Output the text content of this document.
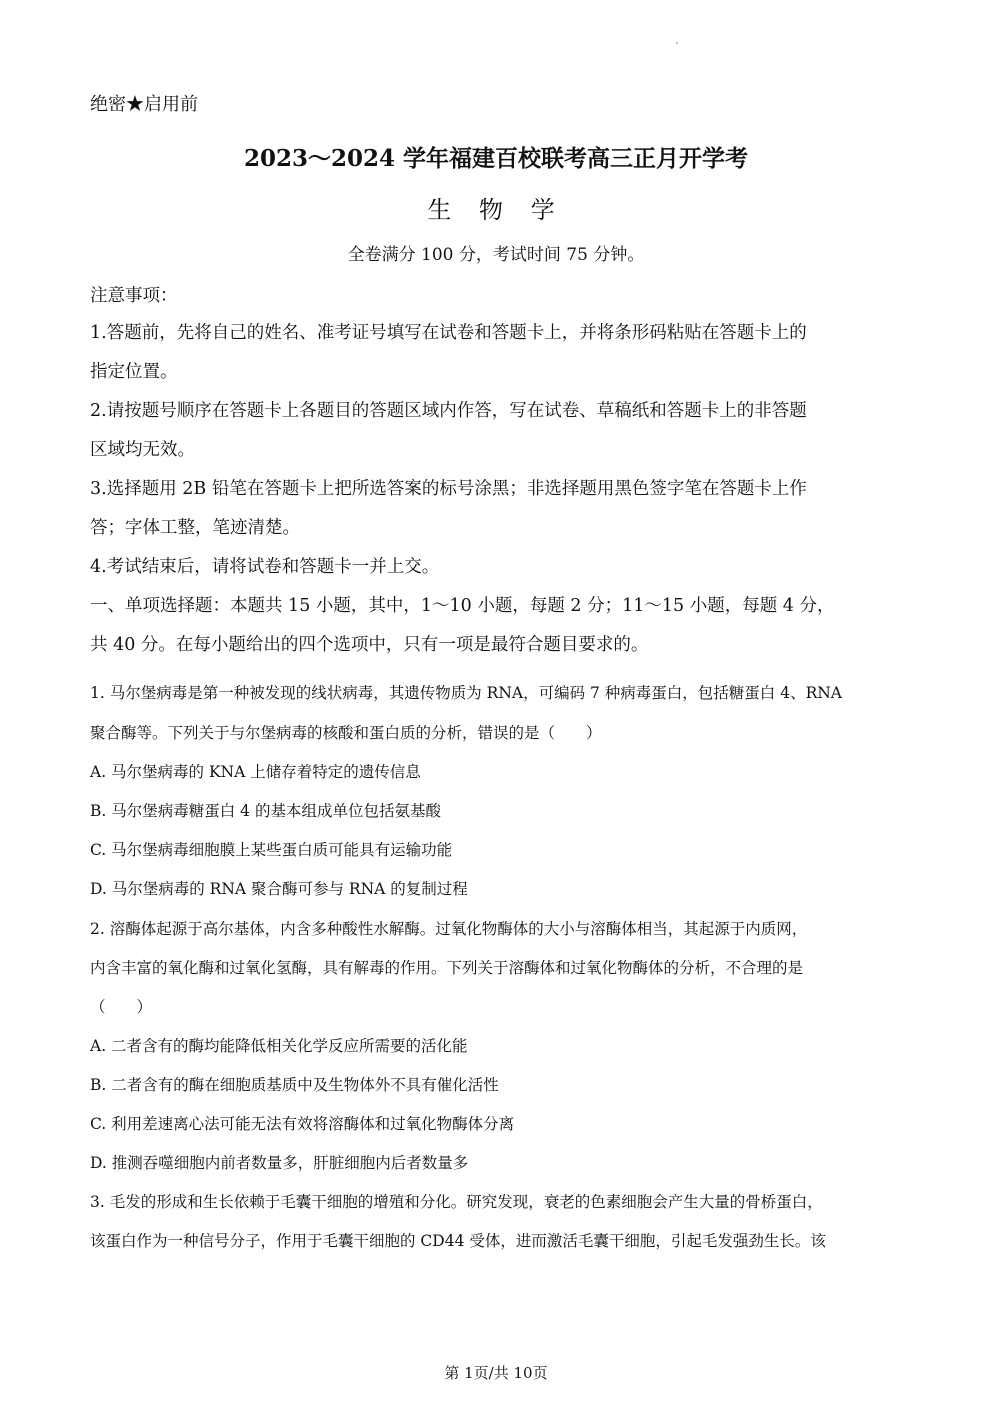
绝密★启用前
2023～2024 学年福建百校联考高三正月开学考
生 物 学
全卷满分 100 分，考试时间 75 分钟。
注意事项：
1.答题前，先将自己的姓名、准考证号填写在试卷和答题卡上，并将条形码粘贴在答题卡上的
指定位置。
2.请按题号顺序在答题卡上各题目的答题区域内作答，写在试卷、草稿纸和答题卡上的非答题
区域均无效。
3.选择题用 2B 铅笔在答题卡上把所选答案的标号涂黑；非选择题用黑色签字笔在答题卡上作
答；字体工整，笔迹清楚。
4.考试结束后，请将试卷和答题卡一并上交。
一、单项选择题：本题共 15 小题，其中，1～10 小题，每题 2 分；11～15 小题，每题 4 分，
共 40 分。在每小题给出的四个选项中，只有一项是最符合题目要求的。
1. 马尔堡病毒是第一种被发现的线状病毒，其遗传物质为 RNA，可编码 7 种病毒蛋白，包括糖蛋白 4、RNA
聚合酶等。下列关于与尔堡病毒的核酸和蛋白质的分析，错误的是（　　）
A. 马尔堡病毒的 KNA 上储存着特定的遗传信息
B. 马尔堡病毒糖蛋白 4 的基本组成单位包括氨基酸
C. 马尔堡病毒细胞膜上某些蛋白质可能具有运输功能
D. 马尔堡病毒的 RNA 聚合酶可参与 RNA 的复制过程
2. 溶酶体起源于高尔基体，内含多种酸性水解酶。过氧化物酶体的大小与溶酶体相当，其起源于内质网，
内含丰富的氧化酶和过氧化氢酶，具有解毒的作用。下列关于溶酶体和过氧化物酶体的分析，不合理的是
（　　）
A. 二者含有的酶均能降低相关化学反应所需要的活化能
B. 二者含有的酶在细胞质基质中及生物体外不具有催化活性
C. 利用差速离心法可能无法有效将溶酶体和过氧化物酶体分离
D. 推测吞噬细胞内前者数量多，肝脏细胞内后者数量多
3. 毛发的形成和生长依赖于毛囊干细胞的增殖和分化。研究发现，衰老的色素细胞会产生大量的骨桥蛋白，
该蛋白作为一种信号分子，作用于毛囊干细胞的 CD44 受体，进而激活毛囊干细胞，引起毛发强劲生长。该
第 1页/共 10页
